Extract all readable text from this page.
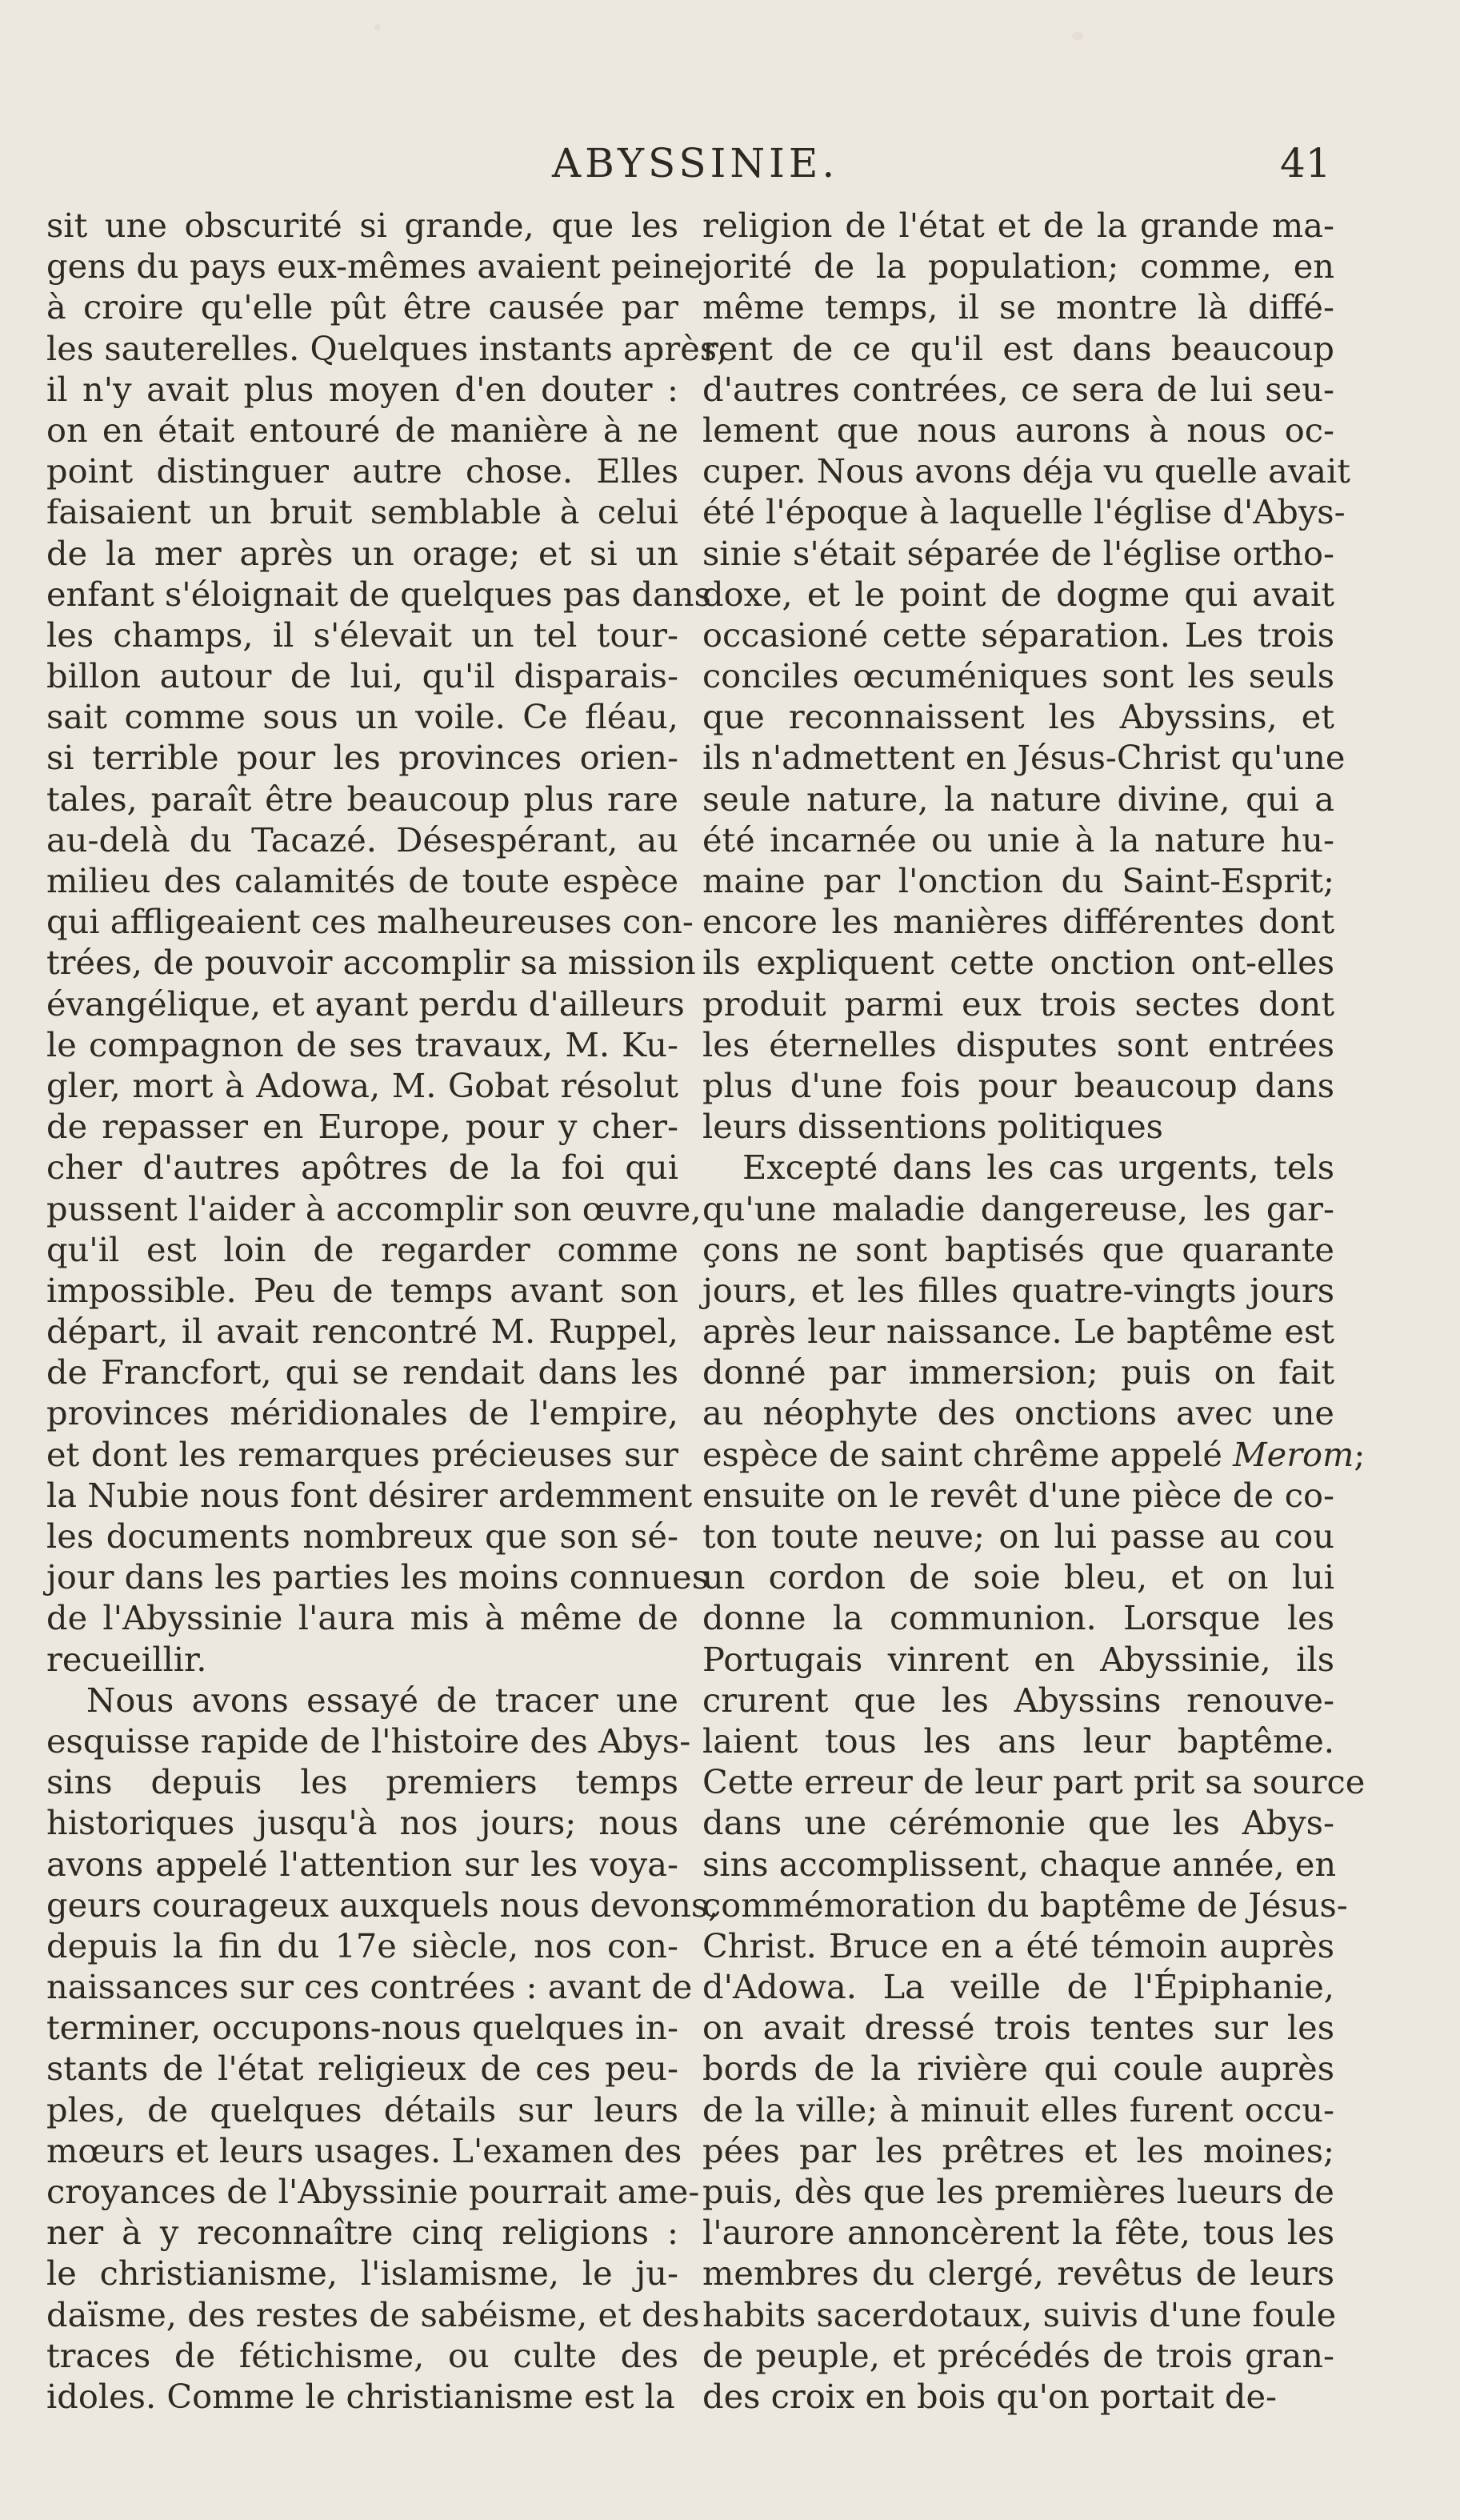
ABYSSINIE.	41
sit une obscurité si grande, que les
gens du pays eux-mêmes avaient peine
à croire qu'elle pût être causée par
les sauterelles. Quelques instants après,
il n'y avait plus moyen d'en douter :
on en était entouré de manière à ne
point distinguer autre chose. Elles
faisaient un bruit semblable à celui
de la mer après un orage; et si un
enfant s'éloignait de quelques pas dans
les champs, il s'élevait un tel tour-
billon autour de lui, qu'il disparais-
sait comme sous un voile. Ce fléau,
si terrible pour les provinces orien-
tales, paraît être beaucoup plus rare
au-delà du Tacazé. Désespérant, au
milieu des calamités de toute espèce
qui affligeaient ces malheureuses con-
trées, de pouvoir accomplir sa mission
évangélique, et ayant perdu d'ailleurs
le compagnon de ses travaux, M. Ku-
gler, mort à Adowa, M. Gobat résolut
de repasser en Europe, pour y cher-
cher d'autres apôtres de la foi qui
pussent l'aider à accomplir son œuvre,
qu'il est loin de regarder comme
impossible. Peu de temps avant son
départ, il avait rencontré M. Ruppel,
de Francfort, qui se rendait dans les
provinces méridionales de l'empire,
et dont les remarques précieuses sur
la Nubie nous font désirer ardemment
les documents nombreux que son sé-
jour dans les parties les moins connues
de l'Abyssinie l'aura mis à même de
recueillir.
Nous avons essayé de tracer une
esquisse rapide de l'histoire des Abys-
sins depuis les premiers temps
historiques jusqu'à nos jours; nous
avons appelé l'attention sur les voya-
geurs courageux auxquels nous devons,
depuis la fin du 17e siècle, nos con-
naissances sur ces contrées : avant de
terminer, occupons-nous quelques in-
stants de l'état religieux de ces peu-
ples, de quelques détails sur leurs
mœurs et leurs usages. L'examen des
croyances de l'Abyssinie pourrait ame-
ner à y reconnaître cinq religions :
le christianisme, l'islamisme, le ju-
daïsme, des restes de sabéisme, et des
traces de fétichisme, ou culte des
idoles. Comme le christianisme est la
religion de l'état et de la grande ma-
jorité de la population; comme, en
même temps, il se montre là diffé-
rent de ce qu'il est dans beaucoup
d'autres contrées, ce sera de lui seu-
lement que nous aurons à nous oc-
cuper. Nous avons déja vu quelle avait
été l'époque à laquelle l'église d'Abys-
sinie s'était séparée de l'église ortho-
doxe, et le point de dogme qui avait
occasioné cette séparation. Les trois
conciles œcuméniques sont les seuls
que reconnaissent les Abyssins, et
ils n'admettent en Jésus-Christ qu'une
seule nature, la nature divine, qui a
été incarnée ou unie à la nature hu-
maine par l'onction du Saint-Esprit;
encore les manières différentes dont
ils expliquent cette onction ont-elles
produit parmi eux trois sectes dont
les éternelles disputes sont entrées
plus d'une fois pour beaucoup dans
leurs dissentions politiques
Excepté dans les cas urgents, tels
qu'une maladie dangereuse, les gar-
çons ne sont baptisés que quarante
jours, et les filles quatre-vingts jours
après leur naissance. Le baptême est
donné par immersion; puis on fait
au néophyte des onctions avec une
espèce de saint chrême appelé Merom;
ensuite on le revêt d'une pièce de co-
ton toute neuve; on lui passe au cou
un cordon de soie bleu, et on lui
donne la communion. Lorsque les
Portugais vinrent en Abyssinie, ils
crurent que les Abyssins renouve-
laient tous les ans leur baptême.
Cette erreur de leur part prit sa source
dans une cérémonie que les Abys-
sins accomplissent, chaque année, en
commémoration du baptême de Jésus-
Christ. Bruce en a été témoin auprès
d'Adowa. La veille de l'Épiphanie,
on avait dressé trois tentes sur les
bords de la rivière qui coule auprès
de la ville; à minuit elles furent occu-
pées par les prêtres et les moines;
puis, dès que les premières lueurs de
l'aurore annoncèrent la fête, tous les
membres du clergé, revêtus de leurs
habits sacerdotaux, suivis d'une foule
de peuple, et précédés de trois gran-
des croix en bois qu'on portait de-
